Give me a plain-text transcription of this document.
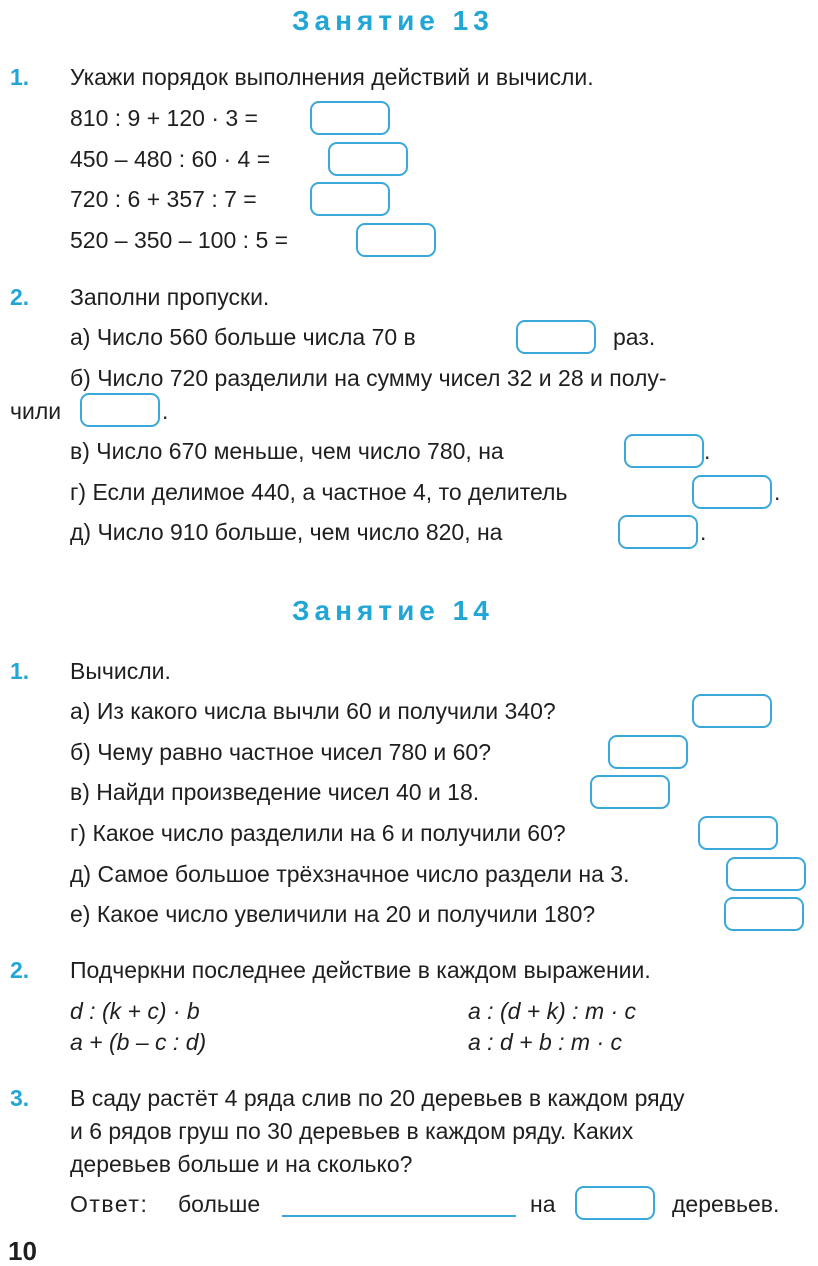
Занятие 13
1. Укажи порядок выполнения действий и вычисли.
810 : 9 + 120 · 3 =
450 – 480 : 60 · 4 =
720 : 6 + 357 : 7 =
520 – 350 – 100 : 5 =
2. Заполни пропуски.
а) Число 560 больше числа 70 в	раз.
б) Число 720 разделили на сумму чисел 32 и 28 и полу-
чили	.
в) Число 670 меньше, чем число 780, на	.
г) Если делимое 440, а частное 4, то делитель	.
д) Число 910 больше, чем число 820, на	.
Занятие 14
1. Вычисли.
а) Из какого числа вычли 60 и получили 340?
б) Чему равно частное чисел 780 и 60?
в) Найди произведение чисел 40 и 18.
г) Какое число разделили на 6 и получили 60?
д) Самое большое трёхзначное число раздели на 3.
е) Какое число увеличили на 20 и получили 180?
2. Подчеркни последнее действие в каждом выражении.
d : (k + c) · b	a : (d + k) : m · c
a + (b – c : d)	a : d + b : m · c
3. В саду растёт 4 ряда слив по 20 деревьев в каждом ряду
и 6 рядов груш по 30 деревьев в каждом ряду. Каких
деревьев больше и на сколько?
Ответ: больше	на	деревьев.
10
